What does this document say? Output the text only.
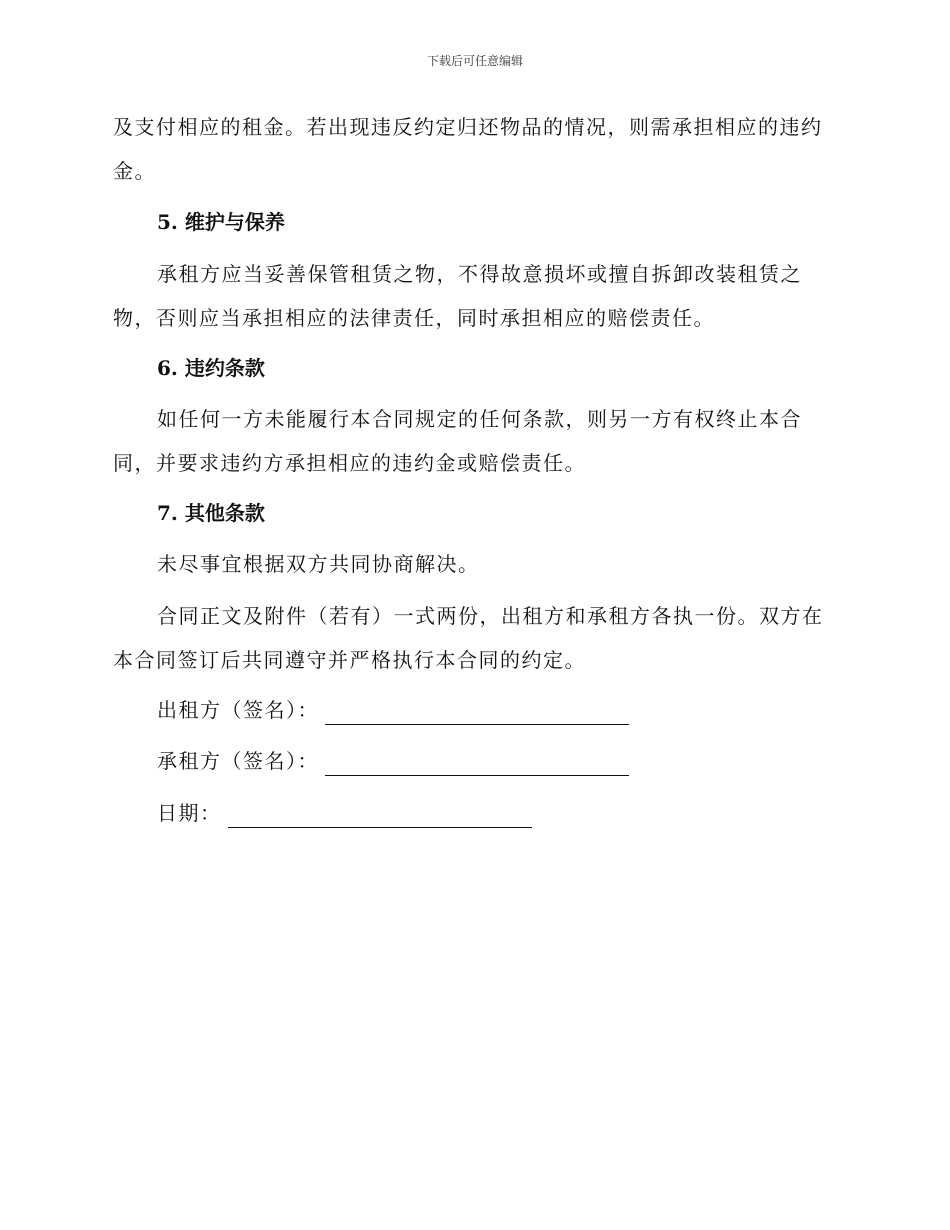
下载后可任意编辑

及支付相应的租金。若出现违反约定归还物品的情况，则需承担相应的违约金。

5. 维护与保养

承租方应当妥善保管租赁之物，不得故意损坏或擅自拆卸改装租赁之物，否则应当承担相应的法律责任，同时承担相应的赔偿责任。

6. 违约条款

如任何一方未能履行本合同规定的任何条款，则另一方有权终止本合同，并要求违约方承担相应的违约金或赔偿责任。

7. 其他条款

未尽事宜根据双方共同协商解决。

合同正文及附件（若有）一式两份，出租方和承租方各执一份。双方在本合同签订后共同遵守并严格执行本合同的约定。

出租方（签名）：
承租方（签名）：
日期：
